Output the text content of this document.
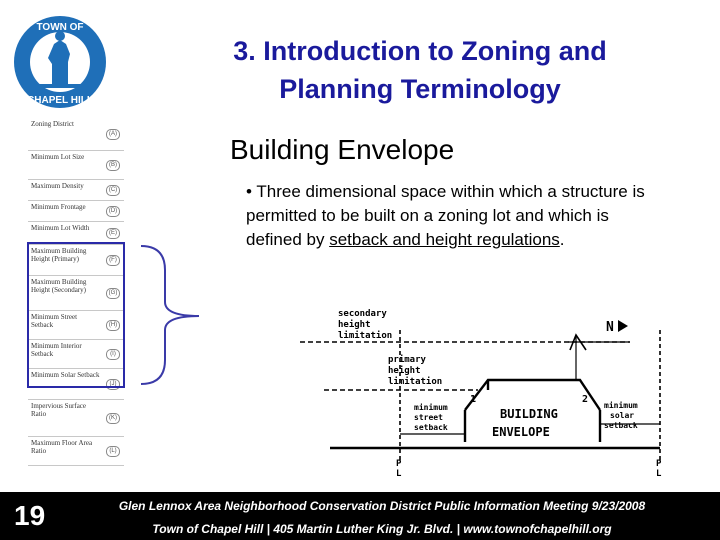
TOWN OF
CHAPEL HILL
3. Introduction to Zoning and
Planning Terminology
Building Envelope
• Three dimensional space within which a structure is permitted to be built on a zoning lot and which is defined by setback and height regulations.
Zoning District
(A)
Minimum Lot Size
(B)
Maximum Density	(C)
Minimum Frontage	(D)
Minimum Lot Width
(E)
Maximum Building Height (Primary)	(F)
Maximum Building Height (Secondary)	(G)
Minimum Street Setback	(H)
Minimum Interior Setback	(I)
Minimum Solar Setback
(J)
Impervious Surface Ratio	(K)
Maximum Floor Area Ratio	(L)
secondary height limitation
primary height limitation
N
BUILDING ENVELOPE
minimum street setback
minimum solar setback
1	2
P L
P L
19	Glen Lennox Area Neighborhood Conservation District Public Information Meeting 9/23/2008
Town of Chapel Hill | 405 Martin Luther King Jr. Blvd. | www.townofchapelhill.org
